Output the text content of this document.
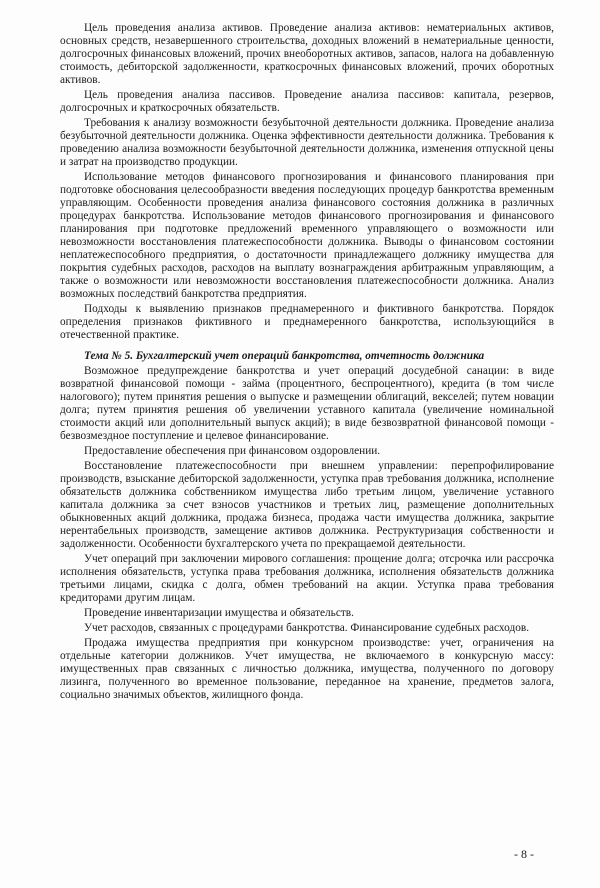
Цель проведения анализа активов. Проведение анализа активов: нематериальных активов, основных средств, незавершенного строительства, доходных вложений в нематериальные ценности, долгосрочных финансовых вложений, прочих внеоборотных активов, запасов, налога на добавленную стоимость, дебиторской задолженности, краткосрочных финансовых вложений, прочих оборотных активов.

Цель проведения анализа пассивов. Проведение анализа пассивов: капитала, резервов, долгосрочных и краткосрочных обязательств.

Требования к анализу возможности безубыточной деятельности должника. Проведение анализа безубыточной деятельности должника. Оценка эффективности деятельности должника. Требования к проведению анализа возможности безубыточной деятельности должника, изменения отпускной цены и затрат на производство продукции.

Использование методов финансового прогнозирования и финансового планирования при подготовке обоснования целесообразности введения последующих процедур банкротства временным управляющим. Особенности проведения анализа финансового состояния должника в различных процедурах банкротства. Использование методов финансового прогнозирования и финансового планирования при подготовке предложений временного управляющего о возможности или невозможности восстановления платежеспособности должника. Выводы о финансовом состоянии неплатежеспособного предприятия, о достаточности принадлежащего должнику имущества для покрытия судебных расходов, расходов на выплату вознаграждения арбитражным управляющим, а также о возможности или невозможности восстановления платежеспособности должника. Анализ возможных последствий банкротства предприятия.

Подходы к выявлению признаков преднамеренного и фиктивного банкротства. Порядок определения признаков фиктивного и преднамеренного банкротства, использующийся в отечественной практике.

Тема № 5. Бухгалтерский учет операций банкротства, отчетность должника

Возможное предупреждение банкротства и учет операций досудебной санации: в виде возвратной финансовой помощи - займа (процентного, беспроцентного), кредита (в том числе налогового); путем принятия решения о выпуске и размещении облигаций, векселей; путем новации долга; путем принятия решения об увеличении уставного капитала (увеличение номинальной стоимости акций или дополнительный выпуск акций); в виде безвозвратной финансовой помощи - безвозмездное поступление и целевое финансирование.

Предоставление обеспечения при финансовом оздоровлении.

Восстановление платежеспособности при внешнем управлении: перепрофилирование производств, взыскание дебиторской задолженности, уступка прав требования должника, исполнение обязательств должника собственником имущества либо третьим лицом, увеличение уставного капитала должника за счет взносов участников и третьих лиц, размещение дополнительных обыкновенных акций должника, продажа бизнеса, продажа части имущества должника, закрытие нерентабельных производств, замещение активов должника. Реструктуризация собственности и задолженности. Особенности бухгалтерского учета по прекращаемой деятельности.

Учет операций при заключении мирового соглашения: прощение долга; отсрочка или рассрочка исполнения обязательств, уступка права требования должника, исполнения обязательств должника третьими лицами, скидка с долга, обмен требований на акции. Уступка права требования кредиторами другим лицам.

Проведение инвентаризации имущества и обязательств.

Учет расходов, связанных с процедурами банкротства. Финансирование судебных расходов.

Продажа имущества предприятия при конкурсном производстве: учет, ограничения на отдельные категории должников. Учет имущества, не включаемого в конкурсную массу: имущественных прав связанных с личностью должника, имущества, полученного по договору лизинга, полученного во временное пользование, переданное на хранение, предметов залога, социально значимых объектов, жилищного фонда.

- 8 -
